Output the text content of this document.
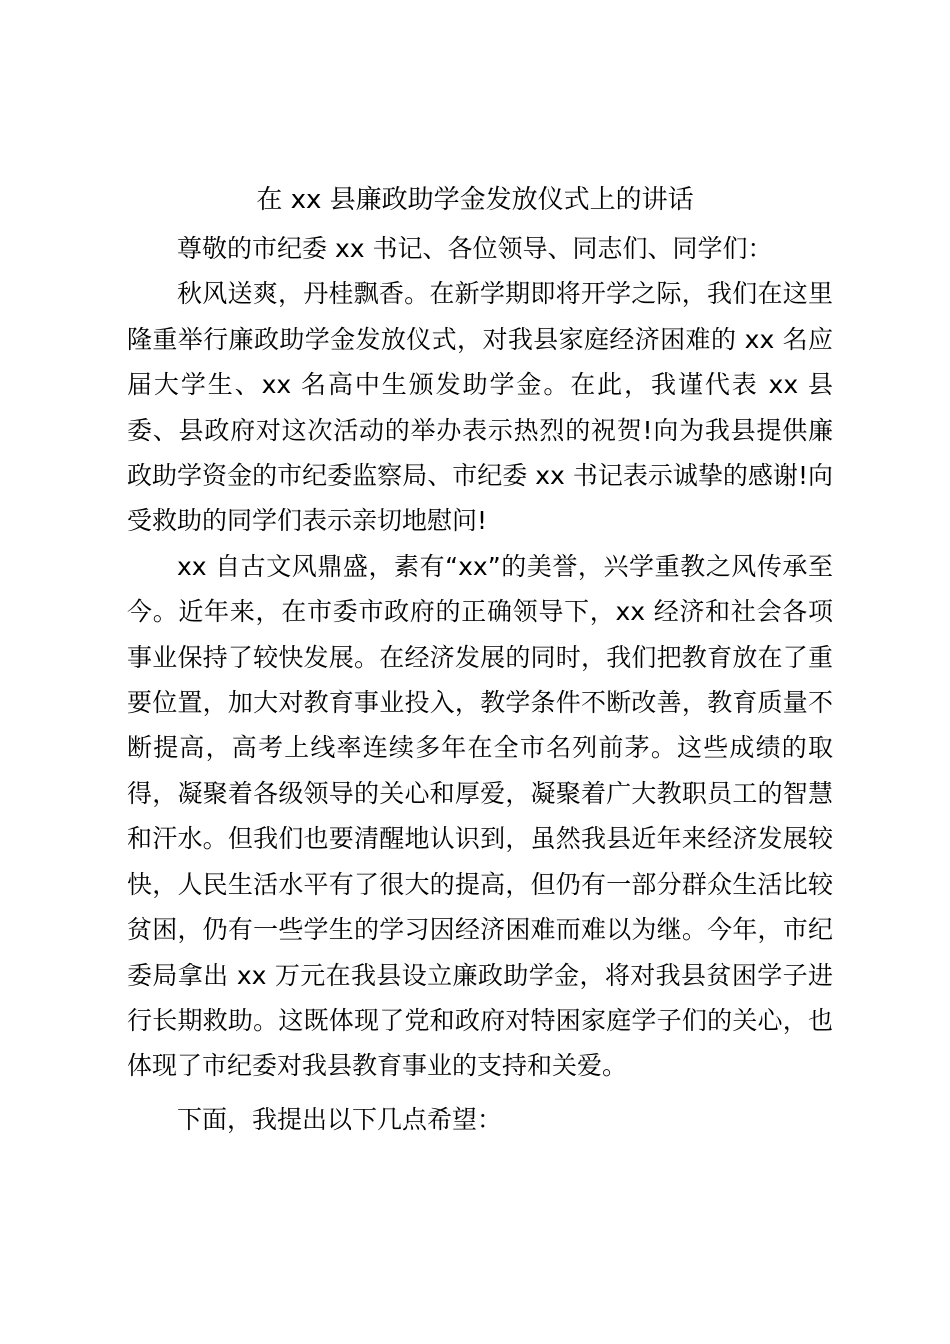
在 xx 县廉政助学金发放仪式上的讲话

尊敬的市纪委 xx 书记、各位领导、同志们、同学们：

秋风送爽，丹桂飘香。在新学期即将开学之际，我们在这里隆重举行廉政助学金发放仪式，对我县家庭经济困难的 xx 名应届大学生、xx 名高中生颁发助学金。在此，我谨代表 xx 县委、县政府对这次活动的举办表示热烈的祝贺!向为我县提供廉政助学资金的市纪委监察局、市纪委 xx 书记表示诚挚的感谢!向受救助的同学们表示亲切地慰问!

xx 自古文风鼎盛，素有“xx”的美誉，兴学重教之风传承至今。近年来，在市委市政府的正确领导下，xx 经济和社会各项事业保持了较快发展。在经济发展的同时，我们把教育放在了重要位置，加大对教育事业投入，教学条件不断改善，教育质量不断提高，高考上线率连续多年在全市名列前茅。这些成绩的取得，凝聚着各级领导的关心和厚爱，凝聚着广大教职员工的智慧和汗水。但我们也要清醒地认识到，虽然我县近年来经济发展较快，人民生活水平有了很大的提高，但仍有一部分群众生活比较贫困，仍有一些学生的学习因经济困难而难以为继。今年，市纪委局拿出 xx 万元在我县设立廉政助学金，将对我县贫困学子进行长期救助。这既体现了党和政府对特困家庭学子们的关心，也体现了市纪委对我县教育事业的支持和关爱。

下面，我提出以下几点希望：
